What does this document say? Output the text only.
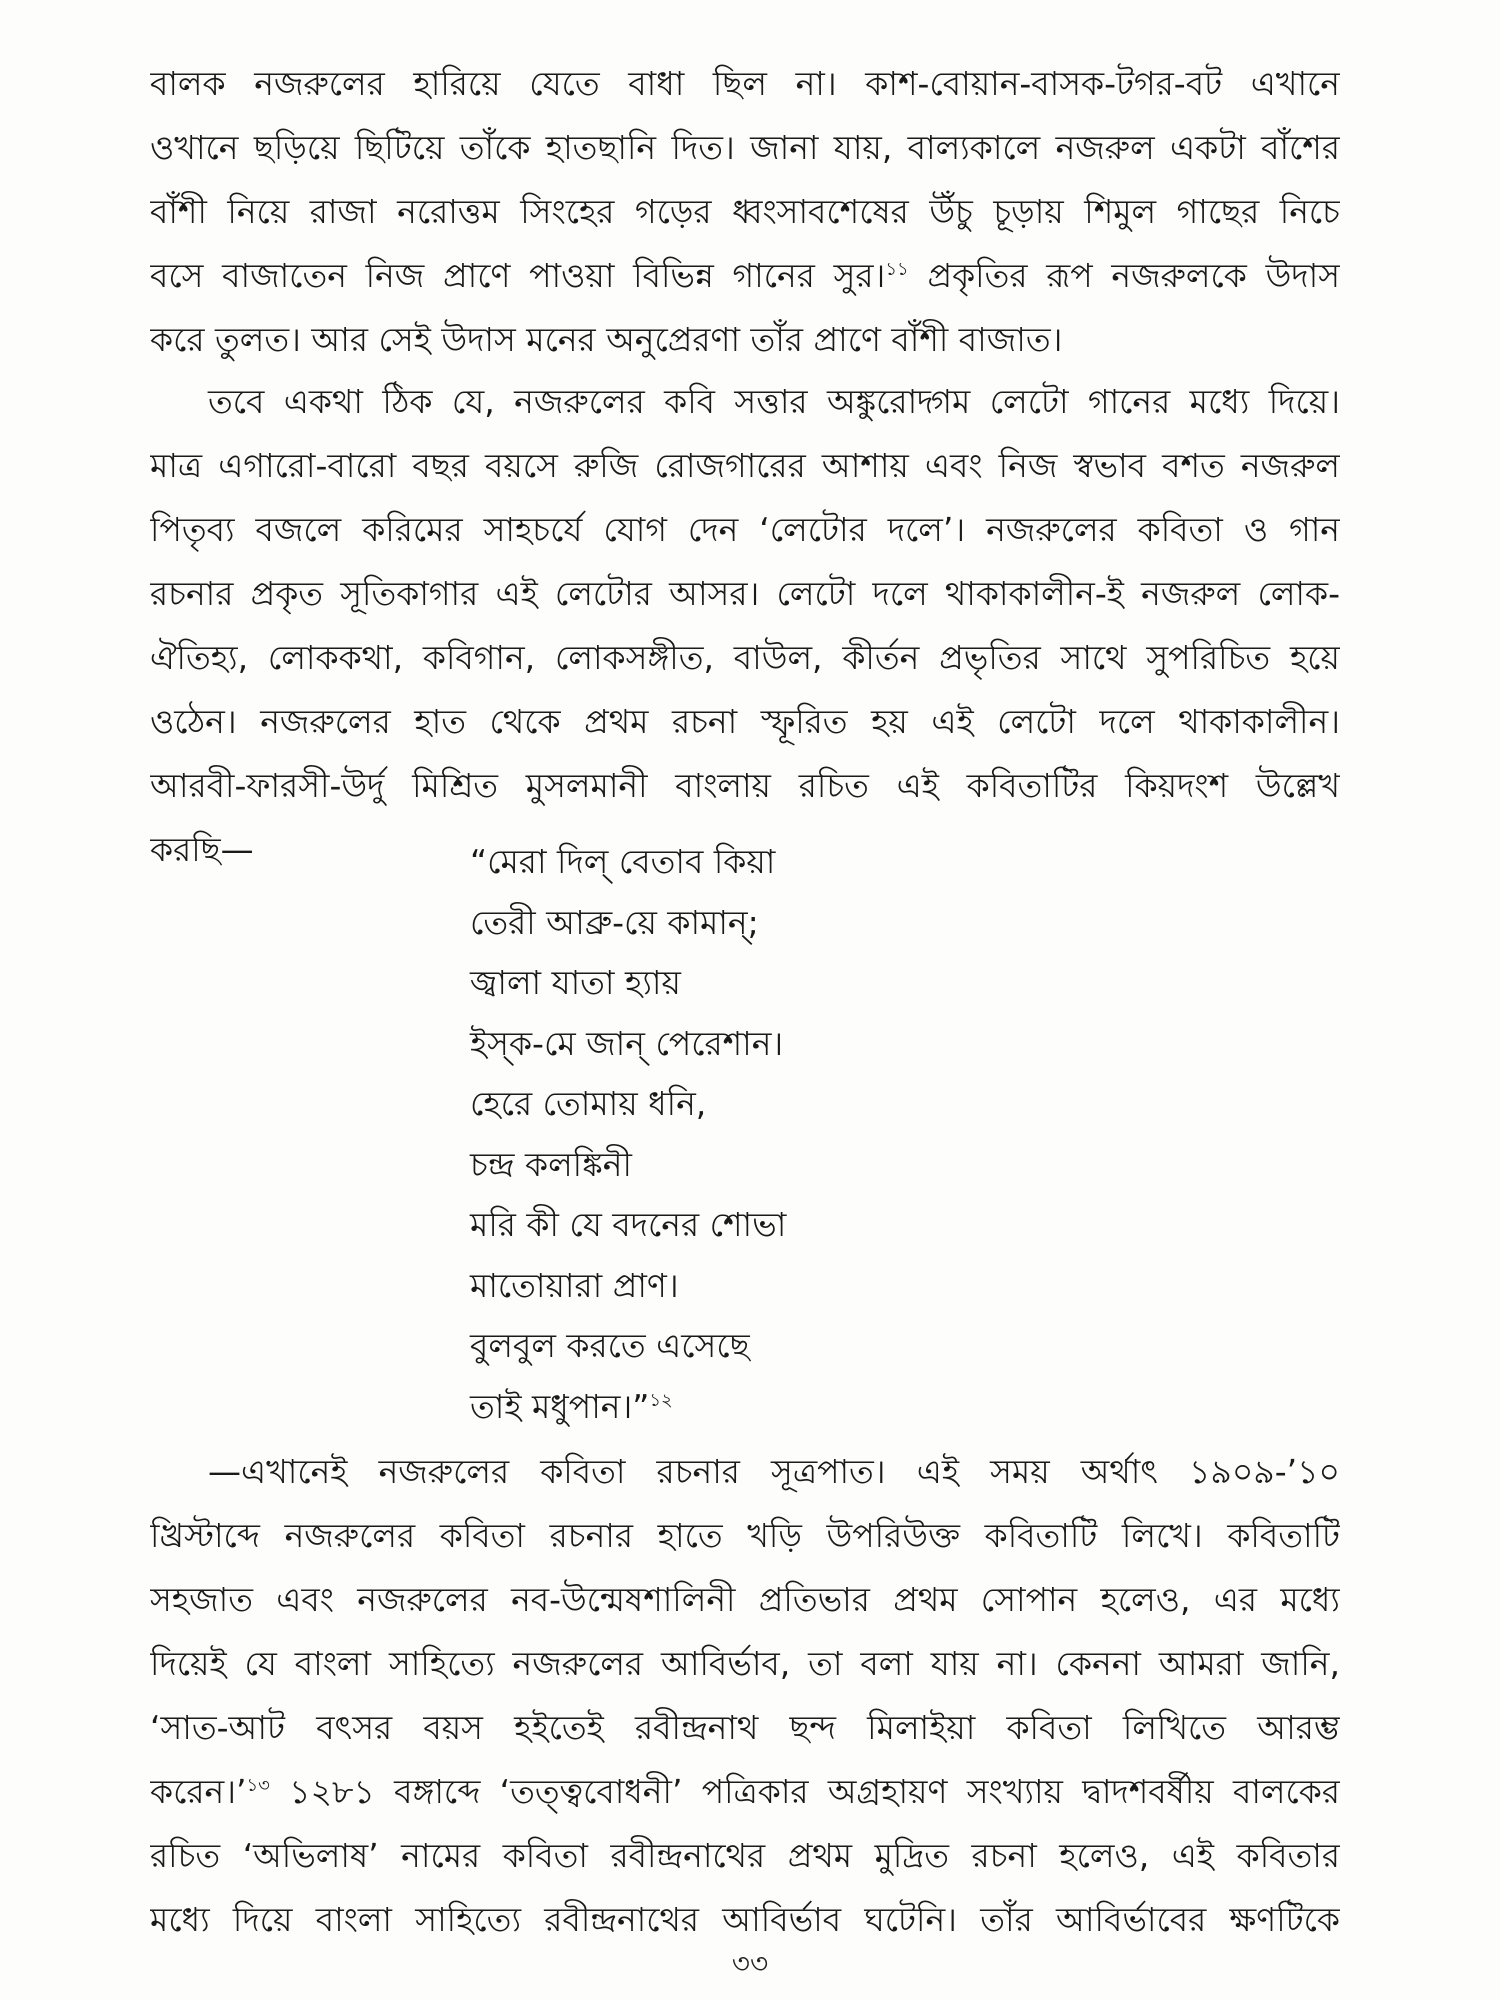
বালক নজরুলের হারিয়ে যেতে বাধা ছিল না। কাশ-বোয়ান-বাসক-টগর-বট এখানে
ওখানে ছড়িয়ে ছিটিয়ে তাঁকে হাতছানি দিত। জানা যায়, বাল্যকালে নজরুল একটা বাঁশের
বাঁশী নিয়ে রাজা নরোত্তম সিংহের গড়ের ধ্বংসাবশেষের উঁচু চূড়ায় শিমুল গাছের নিচে
বসে বাজাতেন নিজ প্রাণে পাওয়া বিভিন্ন গানের সুর।$^{১১}$ প্রকৃতির রূপ নজরুলকে উদাস
করে তুলত। আর সেই উদাস মনের অনুপ্রেরণা তাঁর প্রাণে বাঁশী বাজাত।
তবে একথা ঠিক যে, নজরুলের কবি সত্তার অঙ্কুরোদ্গম লেটো গানের মধ্যে দিয়ে।
মাত্র এগারো-বারো বছর বয়সে রুজি রোজগারের আশায় এবং নিজ স্বভাব বশত নজরুল
পিতৃব্য বজলে করিমের সাহচর্যে যোগ দেন ‘লেটোর দলে’। নজরুলের কবিতা ও গান
রচনার প্রকৃত সূতিকাগার এই লেটোর আসর। লেটো দলে থাকাকালীন-ই নজরুল লোক-
ঐতিহ্য, লোককথা, কবিগান, লোকসঙ্গীত, বাউল, কীর্তন প্রভৃতির সাথে সুপরিচিত হয়ে
ওঠেন। নজরুলের হাত থেকে প্রথম রচনা স্ফূরিত হয় এই লেটো দলে থাকাকালীন।
আরবী-ফারসী-উর্দু মিশ্রিত মুসলমানী বাংলায় রচিত এই কবিতাটির কিয়দংশ উল্লেখ
করছি—	“মেরা দিল্ বেতাব কিয়া
তেরী আব্রু-য়ে কামান্;
জ্বালা যাতা হ্যায়
ইস্‌ক-মে জান্ পেরেশান।
হেরে তোমায় ধনি,
চন্দ্র কলঙ্কিনী
মরি কী যে বদনের শোভা
মাতোয়ারা প্রাণ।
বুলবুল করতে এসেছে
তাই মধুপান।”$^{১২}$
—এখানেই নজরুলের কবিতা রচনার সূত্রপাত। এই সময় অর্থাৎ ১৯০৯-’১০
খ্রিস্টাব্দে নজরুলের কবিতা রচনার হাতে খড়ি উপরিউক্ত কবিতাটি লিখে। কবিতাটি
সহজাত এবং নজরুলের নব-উন্মেষশালিনী প্রতিভার প্রথম সোপান হলেও, এর মধ্যে
দিয়েই যে বাংলা সাহিত্যে নজরুলের আবির্ভাব, তা বলা যায় না। কেননা আমরা জানি,
‘সাত-আট বৎসর বয়স হইতেই রবীন্দ্রনাথ ছন্দ মিলাইয়া কবিতা লিখিতে আরম্ভ
করেন।’$^{১৩}$ ১২৮১ বঙ্গাব্দে ‘তত্ত্ববোধনী’ পত্রিকার অগ্রহায়ণ সংখ্যায় দ্বাদশবর্ষীয় বালকের
রচিত ‘অভিলাষ’ নামের কবিতা রবীন্দ্রনাথের প্রথম মুদ্রিত রচনা হলেও, এই কবিতার
মধ্যে দিয়ে বাংলা সাহিত্যে রবীন্দ্রনাথের আবির্ভাব ঘটেনি। তাঁর আবির্ভাবের ক্ষণটিকে
৩৩
